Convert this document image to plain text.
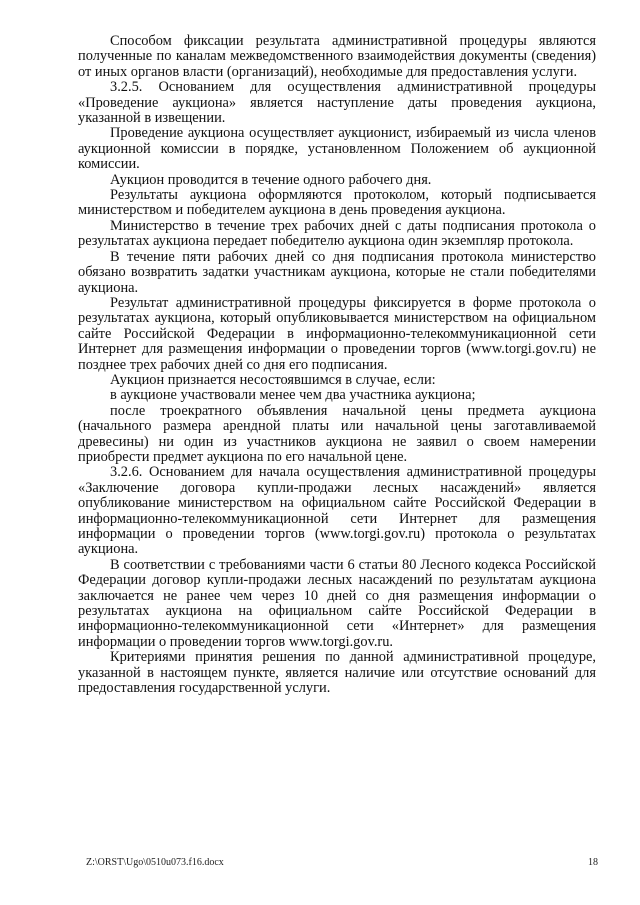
Способом фиксации результата административной процедуры являются полученные по каналам межведомственного взаимодействия документы (сведения) от иных органов власти (организаций), необходимые для предоставления услуги.

3.2.5. Основанием для осуществления административной процедуры «Проведение аукциона» является наступление даты проведения аукциона, указанной в извещении.

Проведение аукциона осуществляет аукционист, избираемый из числа членов аукционной комиссии в порядке, установленном Положением об аукционной комиссии.

Аукцион проводится в течение одного рабочего дня.

Результаты аукциона оформляются протоколом, который подписывается министерством и победителем аукциона в день проведения аукциона.

Министерство в течение трех рабочих дней с даты подписания протокола о результатах аукциона передает победителю аукциона один экземпляр протокола.

В течение пяти рабочих дней со дня подписания протокола министерство обязано возвратить задатки участникам аукциона, которые не стали победителями аукциона.

Результат административной процедуры фиксируется в форме протокола о результатах аукциона, который опубликовывается министерством на официальном сайте Российской Федерации в информационно-телекоммуникационной сети Интернет для размещения информации о проведении торгов (www.torgi.gov.ru) не позднее трех рабочих дней со дня его подписания.

Аукцион признается несостоявшимся в случае, если:

в аукционе участвовали менее чем два участника аукциона;

после троекратного объявления начальной цены предмета аукциона (начального размера арендной платы или начальной цены заготавливаемой древесины) ни один из участников аукциона не заявил о своем намерении приобрести предмет аукциона по его начальной цене.

3.2.6. Основанием для начала осуществления административной процедуры «Заключение договора купли-продажи лесных насаждений» является опубликование министерством на официальном сайте Российской Федерации в информационно-телекоммуникационной сети Интернет для размещения информации о проведении торгов (www.torgi.gov.ru) протокола о результатах аукциона.

В соответствии с требованиями части 6 статьи 80 Лесного кодекса Российской Федерации договор купли-продажи лесных насаждений по результатам аукциона заключается не ранее чем через 10 дней со дня размещения информации о результатах аукциона на официальном сайте Российской Федерации в информационно-телекоммуникационной сети «Интернет» для размещения информации о проведении торгов www.torgi.gov.ru.

Критериями принятия решения по данной административной процедуре, указанной в настоящем пункте, является наличие или отсутствие оснований для предоставления государственной услуги.

Z:\ORST\Ugo\0510u073.f16.docx	18
